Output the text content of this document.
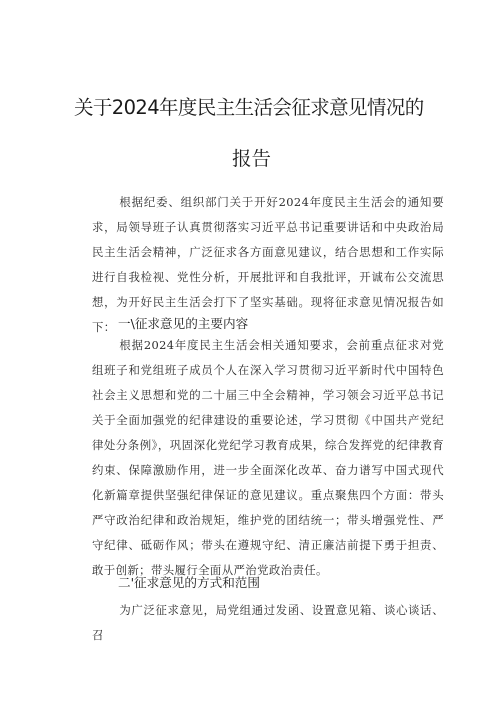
关于2024年度民主生活会征求意见情况的
报告

根据纪委、组织部门关于开好2024年度民主生活会的通知要求，局领导班子认真贯彻落实习近平总书记重要讲话和中央政治局民主生活会精神，广泛征求各方面意见建议，结合思想和工作实际进行自我检视、党性分析，开展批评和自我批评，开诚布公交流思想，为开好民主生活会打下了坚实基础。现将征求意见情况报告如下： 一\征求意见的主要内容

根据2024年度民主生活会相关通知要求，会前重点征求对党组班子和党组班子成员个人在深入学习贯彻习近平新时代中国特色社会主义思想和党的二十届三中全会精神，学习领会习近平总书记关于全面加强党的纪律建设的重要论述，学习贯彻《中国共产党纪律处分条例》，巩固深化党纪学习教育成果，综合发挥党的纪律教育约束、保障激励作用，进一步全面深化改革、奋力谱写中国式现代化新篇章提供坚强纪律保证的意见建议。重点聚焦四个方面：带头严守政治纪律和政治规矩，维护党的团结统一；带头增强党性、严守纪律、砥砺作风；带头在遵规守纪、清正廉洁前提下勇于担责、敢于创新；带头履行全面从严治党政治责任。

二'征求意见的方式和范围

为广泛征求意见，局党组通过发函、设置意见箱、谈心谈话、召
